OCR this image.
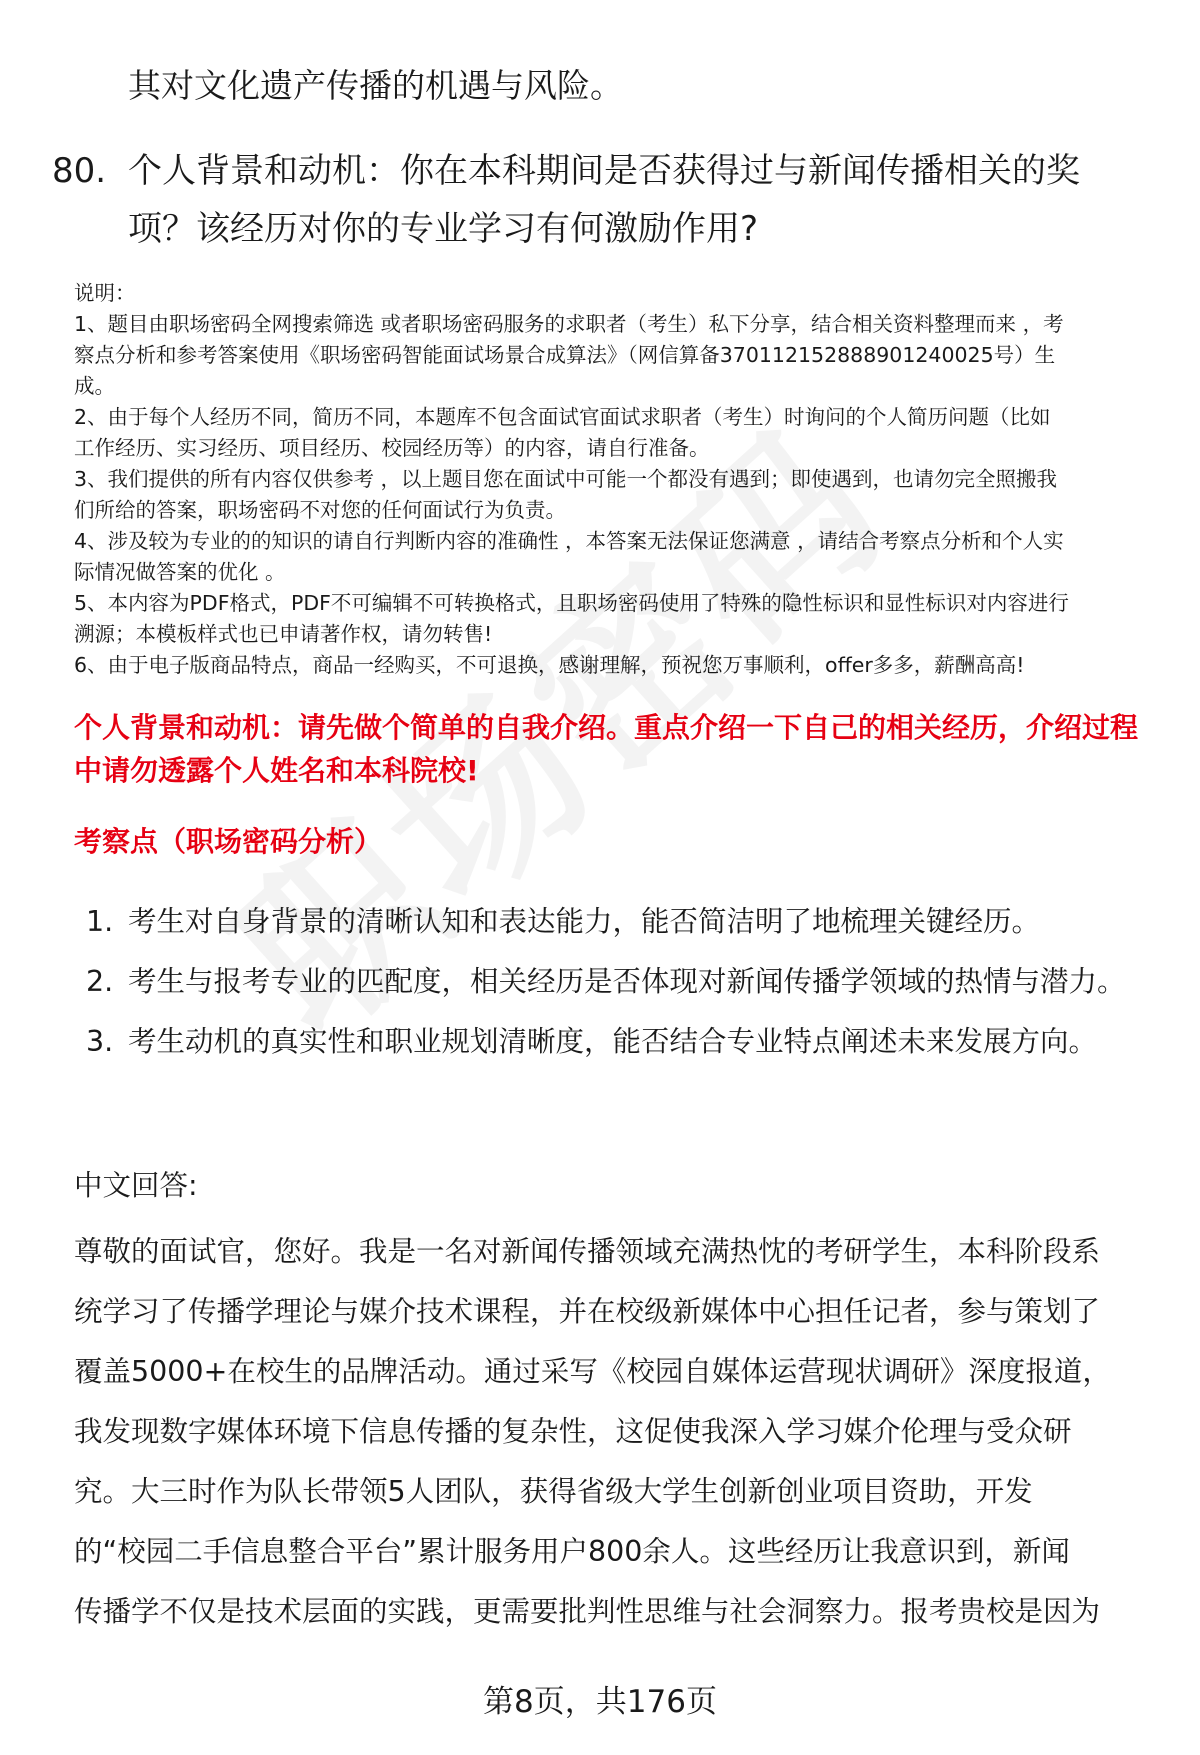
其对文化遗产传播的机遇与风险。

80. 个人背景和动机：你在本科期间是否获得过与新闻传播相关的奖

项？该经历对你的专业学习有何激励作用?

说明：

1、题目由职场密码全网搜索筛选 或者职场密码服务的求职者（考生）私下分享，结合相关资料整理而来 ，考

察点分析和参考答案使用《职场密码智能面试场景合成算法》（网信算备370112152888901240025号）生

成。

2、由于每个人经历不同，简历不同，本题库不包含面试官面试求职者（考生）时询问的个人简历问题（比如

工作经历、实习经历、项目经历、校园经历等）的内容，请自行准备。

3、我们提供的所有内容仅供参考 ，以上题目您在面试中可能一个都没有遇到；即使遇到，也请勿完全照搬我

们所给的答案，职场密码不对您的任何面试行为负责。

4、涉及较为专业的的知识的请自行判断内容的准确性 ，本答案无法保证您满意 ，请结合考察点分析和个人实

际情况做答案的优化 。

5、本内容为PDF格式，PDF不可编辑不可转换格式，且职场密码使用了特殊的隐性标识和显性标识对内容进行

溯源；本模板样式也已申请著作权，请勿转售!

6、由于电子版商品特点，商品一经购买，不可退换，感谢理解，预祝您万事顺利，offer多多，薪酬高高!

个人背景和动机：请先做个简单的自我介绍。重点介绍一下自己的相关经历，介绍过程中请勿透露个人姓名和本科院校!

考察点（职场密码分析）

1. 考生对自身背景的清晰认知和表达能力，能否简洁明了地梳理关键经历。
2. 考生与报考专业的匹配度，相关经历是否体现对新闻传播学领域的热情与潜力。
3. 考生动机的真实性和职业规划清晰度，能否结合专业特点阐述未来发展方向。

中文回答:

尊敬的面试官，您好。我是一名对新闻传播领域充满热忱的考研学生，本科阶段系

统学习了传播学理论与媒介技术课程，并在校级新媒体中心担任记者，参与策划了

覆盖5000+在校生的品牌活动。通过采写《校园自媒体运营现状调研》深度报道，

我发现数字媒体环境下信息传播的复杂性，这促使我深入学习媒介伦理与受众研

究。大三时作为队长带领5人团队，获得省级大学生创新创业项目资助，开发

的“校园二手信息整合平台”累计服务用户800余人。这些经历让我意识到，新闻

传播学不仅是技术层面的实践，更需要批判性思维与社会洞察力。报考贵校是因为

第8页，共176页
